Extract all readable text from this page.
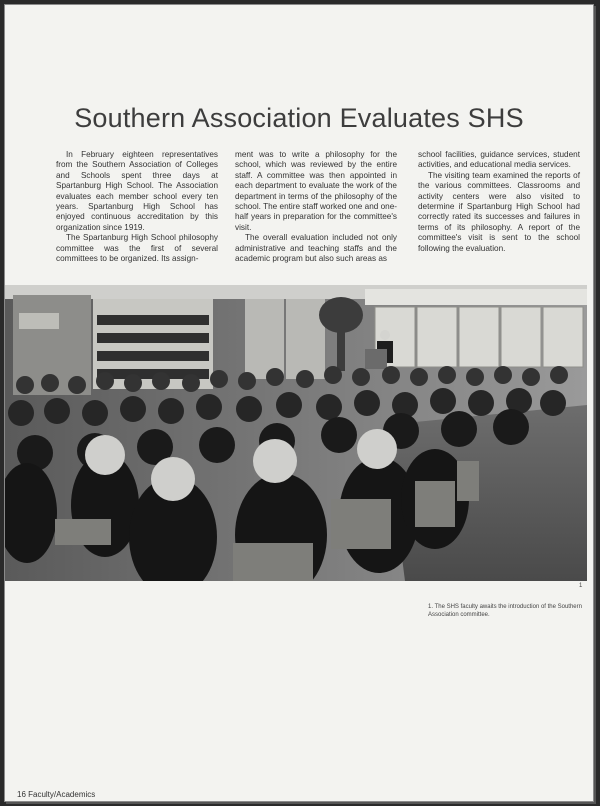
Southern Association Evaluates SHS

In February eighteen representatives from the Southern Association of Colleges and Schools spent three days at Spartanburg High School. The Association evaluates each member school every ten years. Spartanburg High School has enjoyed continuous accreditation by this organization since 1919.

The Spartanburg High School philosophy committee was the first of several committees to be organized. Its assign-

ment was to write a philosophy for the school, which was reviewed by the entire staff. A committee was then appointed in each department to evaluate the work of the department in terms of the philosophy of the school. The entire staff worked one and one-half years in preparation for the committee's visit.

The overall evaluation included not only administrative and teaching staffs and the academic program but also such areas as

school facilities, guidance services, student activities, and educational media services.

The visiting team examined the reports of the various committees. Classrooms and activity centers were also visited to determine if Spartanburg High School had correctly rated its successes and failures in terms of its philosophy. A report of the committee's visit is sent to the school following the evaluation.

1
1. The SHS faculty awaits the introduction of the Southern Association committee.
16 Faculty/Academics
